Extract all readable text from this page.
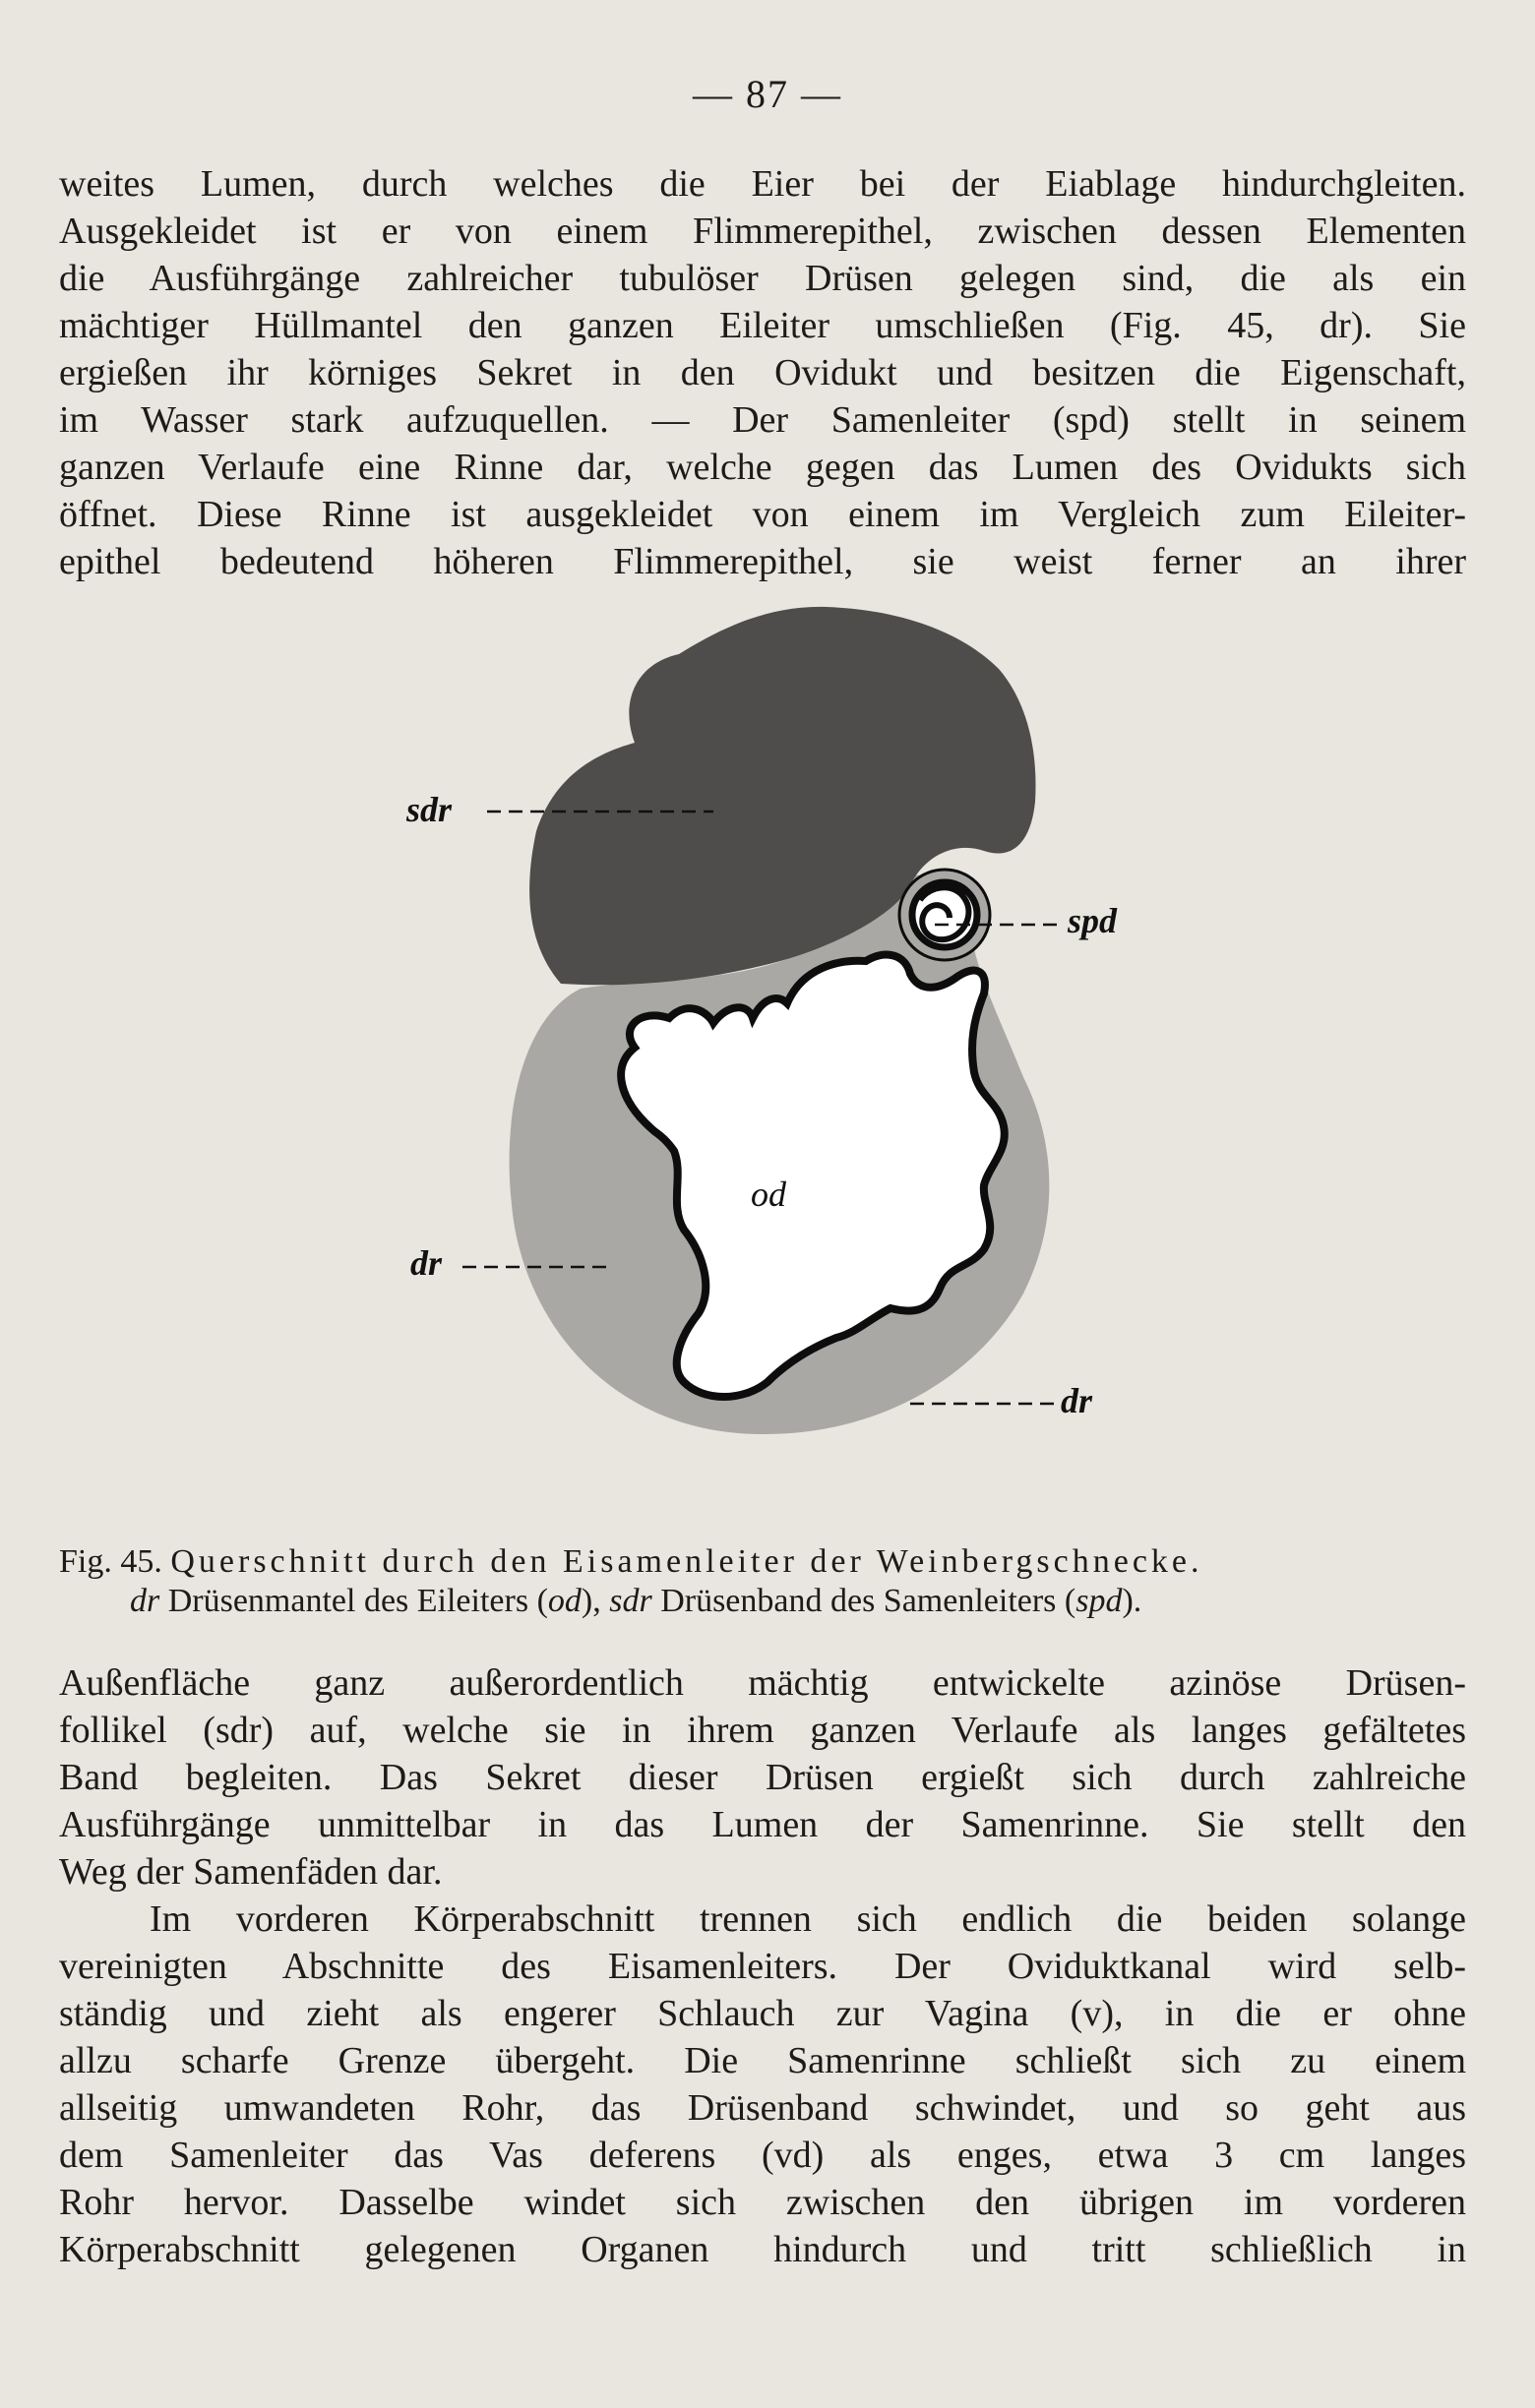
— 87 —
weites Lumen, durch welches die Eier bei der Eiablage hindurchgleiten.
Ausgekleidet ist er von einem Flimmerepithel, zwischen dessen Elementen
die Ausführgänge zahlreicher tubulöser Drüsen gelegen sind, die als ein
mächtiger Hüllmantel den ganzen Eileiter umschließen (Fig. 45, dr). Sie
ergießen ihr körniges Sekret in den Ovidukt und besitzen die Eigenschaft,
im Wasser stark aufzuquellen. — Der Samenleiter (spd) stellt in seinem
ganzen Verlaufe eine Rinne dar, welche gegen das Lumen des Ovidukts sich
öffnet. Diese Rinne ist ausgekleidet von einem im Vergleich zum Eileiter-
epithel bedeutend höheren Flimmerepithel, sie weist ferner an ihrer
sdr
spd
od
dr
dr
Fig. 45. Querschnitt durch den Eisamenleiter der Weinbergschnecke.
dr Drüsenmantel des Eileiters (od), sdr Drüsenband des Samenleiters (spd).
Außenfläche ganz außerordentlich mächtig entwickelte azinöse Drüsen-
follikel (sdr) auf, welche sie in ihrem ganzen Verlaufe als langes gefältetes
Band begleiten. Das Sekret dieser Drüsen ergießt sich durch zahlreiche
Ausführgänge unmittelbar in das Lumen der Samenrinne. Sie stellt den
Weg der Samenfäden dar.
Im vorderen Körperabschnitt trennen sich endlich die beiden solange
vereinigten Abschnitte des Eisamenleiters. Der Oviduktkanal wird selb-
ständig und zieht als engerer Schlauch zur Vagina (v), in die er ohne
allzu scharfe Grenze übergeht. Die Samenrinne schließt sich zu einem
allseitig umwandeten Rohr, das Drüsenband schwindet, und so geht aus
dem Samenleiter das Vas deferens (vd) als enges, etwa 3 cm langes
Rohr hervor. Dasselbe windet sich zwischen den übrigen im vorderen
Körperabschnitt gelegenen Organen hindurch und tritt schließlich in
